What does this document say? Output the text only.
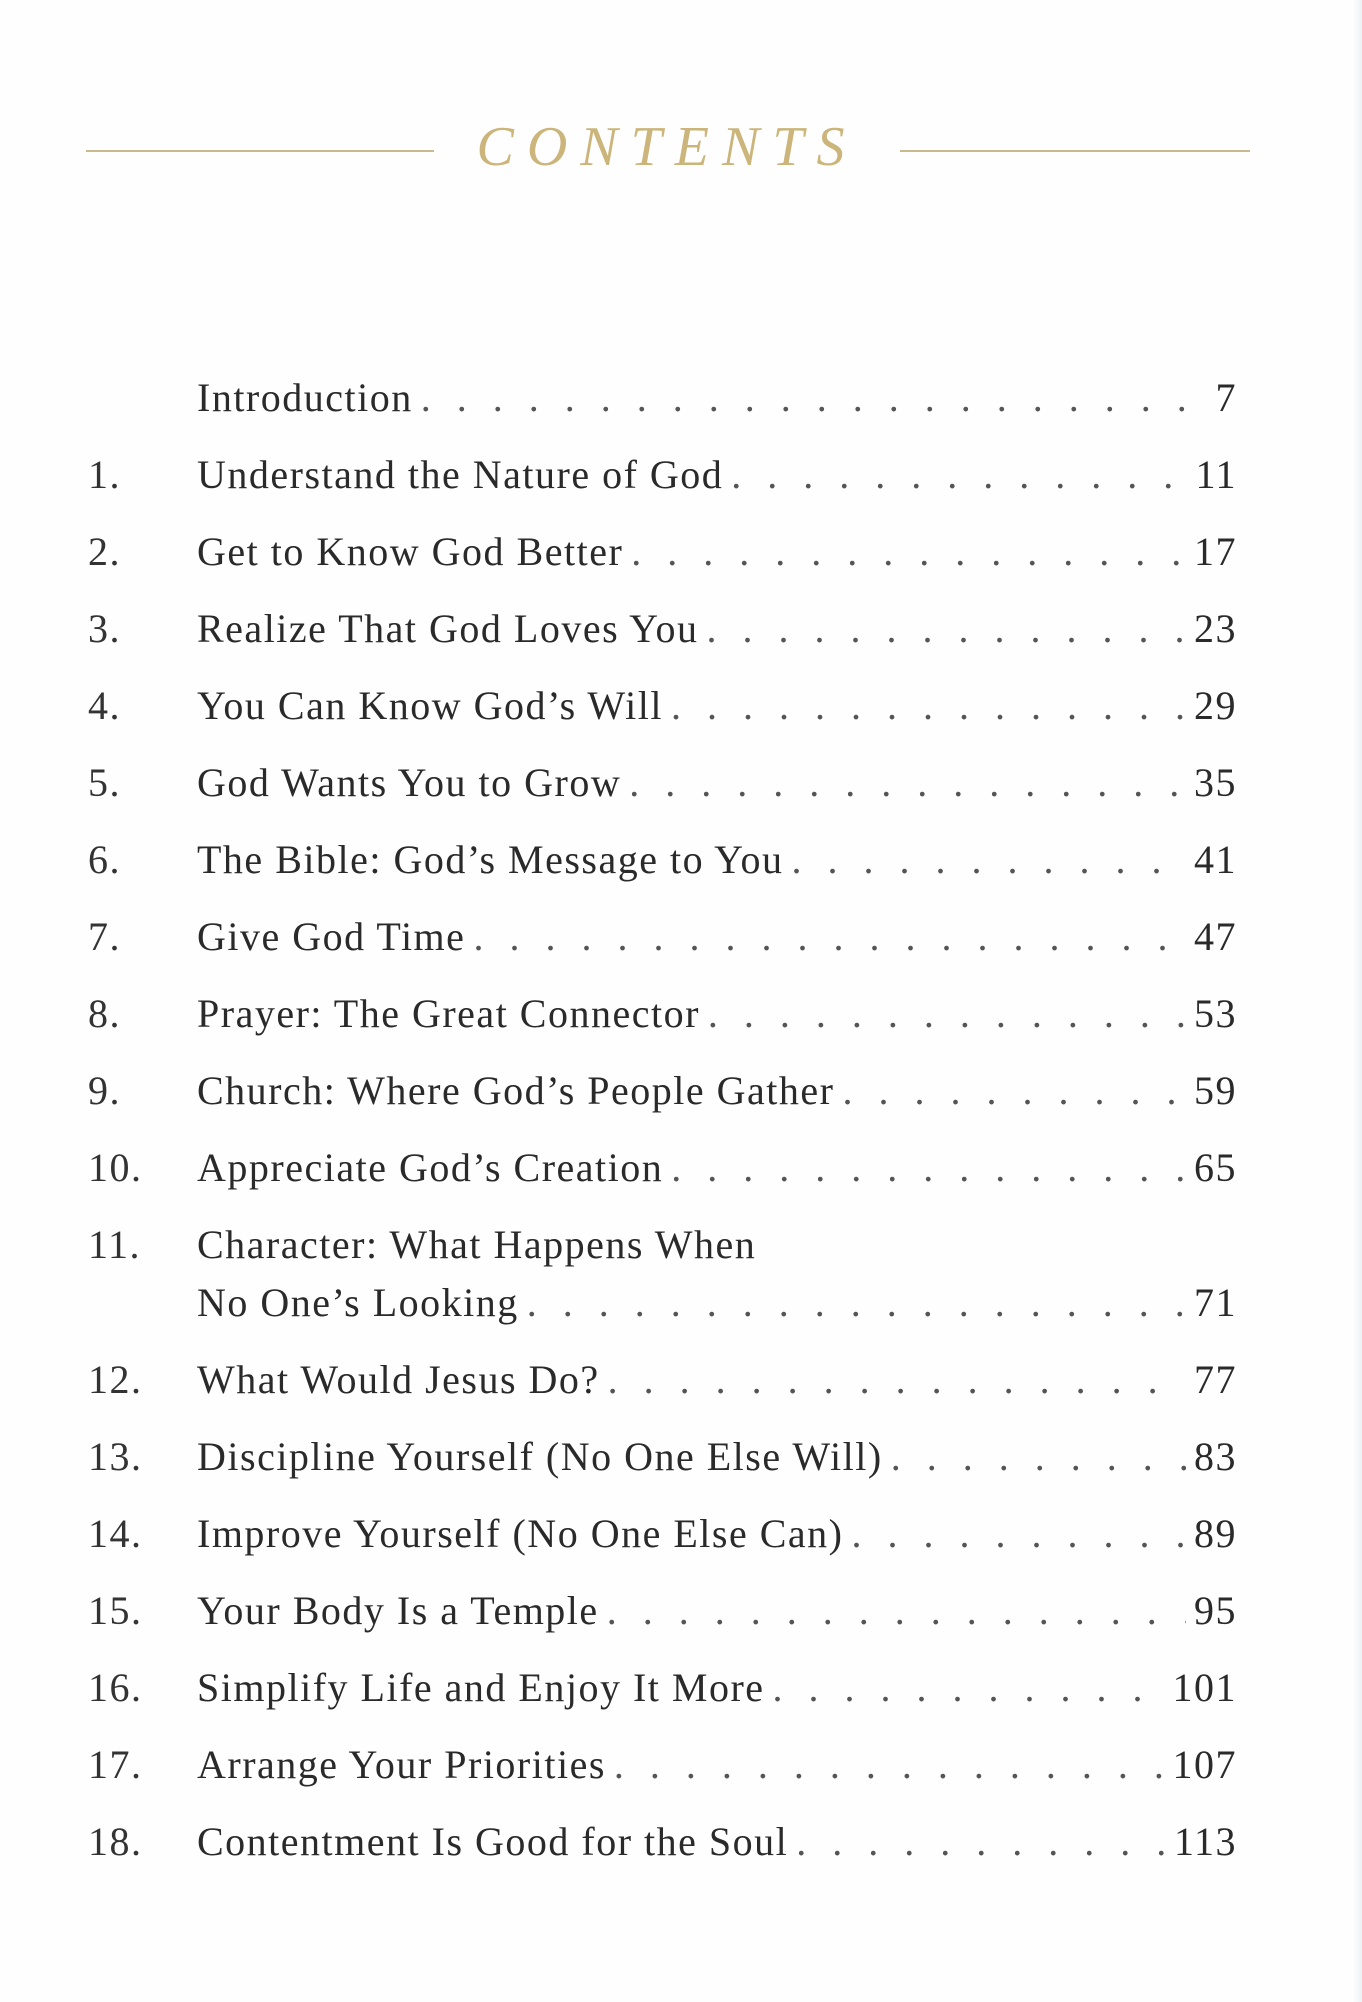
CONTENTS
Introduction . . .	7
1.	Understand the Nature of God . . .	11
2.	Get to Know God Better . . .	17
3.	Realize That God Loves You . . .	23
4.	You Can Know God’s Will . . .	29
5.	God Wants You to Grow . . .	35
6.	The Bible: God’s Message to You . . .	41
7.	Give God Time . . .	47
8.	Prayer: The Great Connector . . .	53
9.	Church: Where God’s People Gather . . .	59
10.	Appreciate God’s Creation . . .	65
11.	Character: What Happens When
No One’s Looking . . .	71
12.	What Would Jesus Do? . . .	77
13.	Discipline Yourself (No One Else Will) . . .	83
14.	Improve Yourself (No One Else Can) . . .	89
15.	Your Body Is a Temple . . .	95
16.	Simplify Life and Enjoy It More . . .	101
17.	Arrange Your Priorities . . .	107
18.	Contentment Is Good for the Soul . . .	113
